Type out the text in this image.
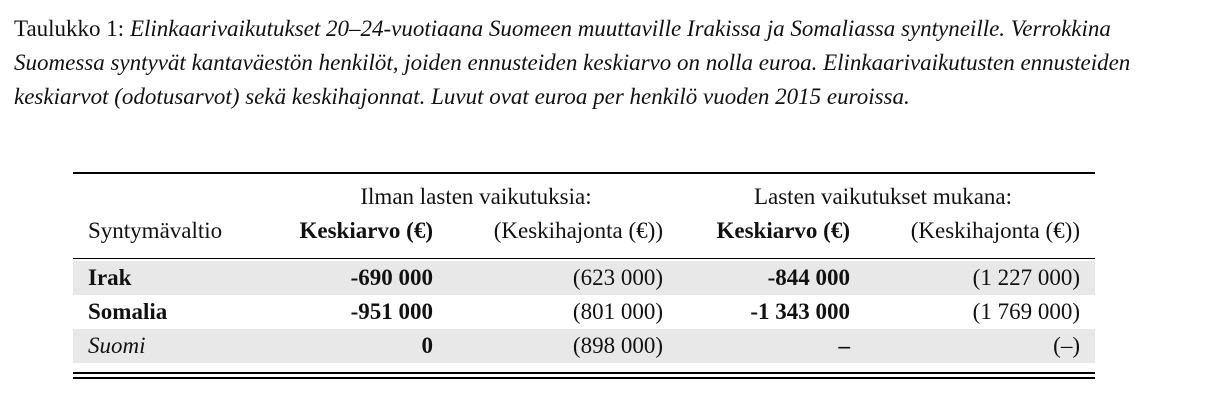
Taulukko 1: Elinkaarivaikutukset 20–24-vuotiaana Suomeen muuttaville Irakissa ja Somaliassa syntyneille. Verrokkina Suomessa syntyvät kantaväestön henkilöt, joiden ennusteiden keskiarvo on nolla euroa. Elinkaarivaikutusten ennusteiden keskiarvot (odotusarvot) sekä keskihajonnat. Luvut ovat euroa per henkilö vuoden 2015 euroissa.

Ilman lasten vaikutuksia:	Lasten vaikutukset mukana:
Syntymävaltio	Keskiarvo (€)	(Keskihajonta (€))	Keskiarvo (€)	(Keskihajonta (€))
Irak	-690 000	(623 000)	-844 000	(1 227 000)
Somalia	-951 000	(801 000)	-1 343 000	(1 769 000)
Suomi	0	(898 000)	–	(–)
